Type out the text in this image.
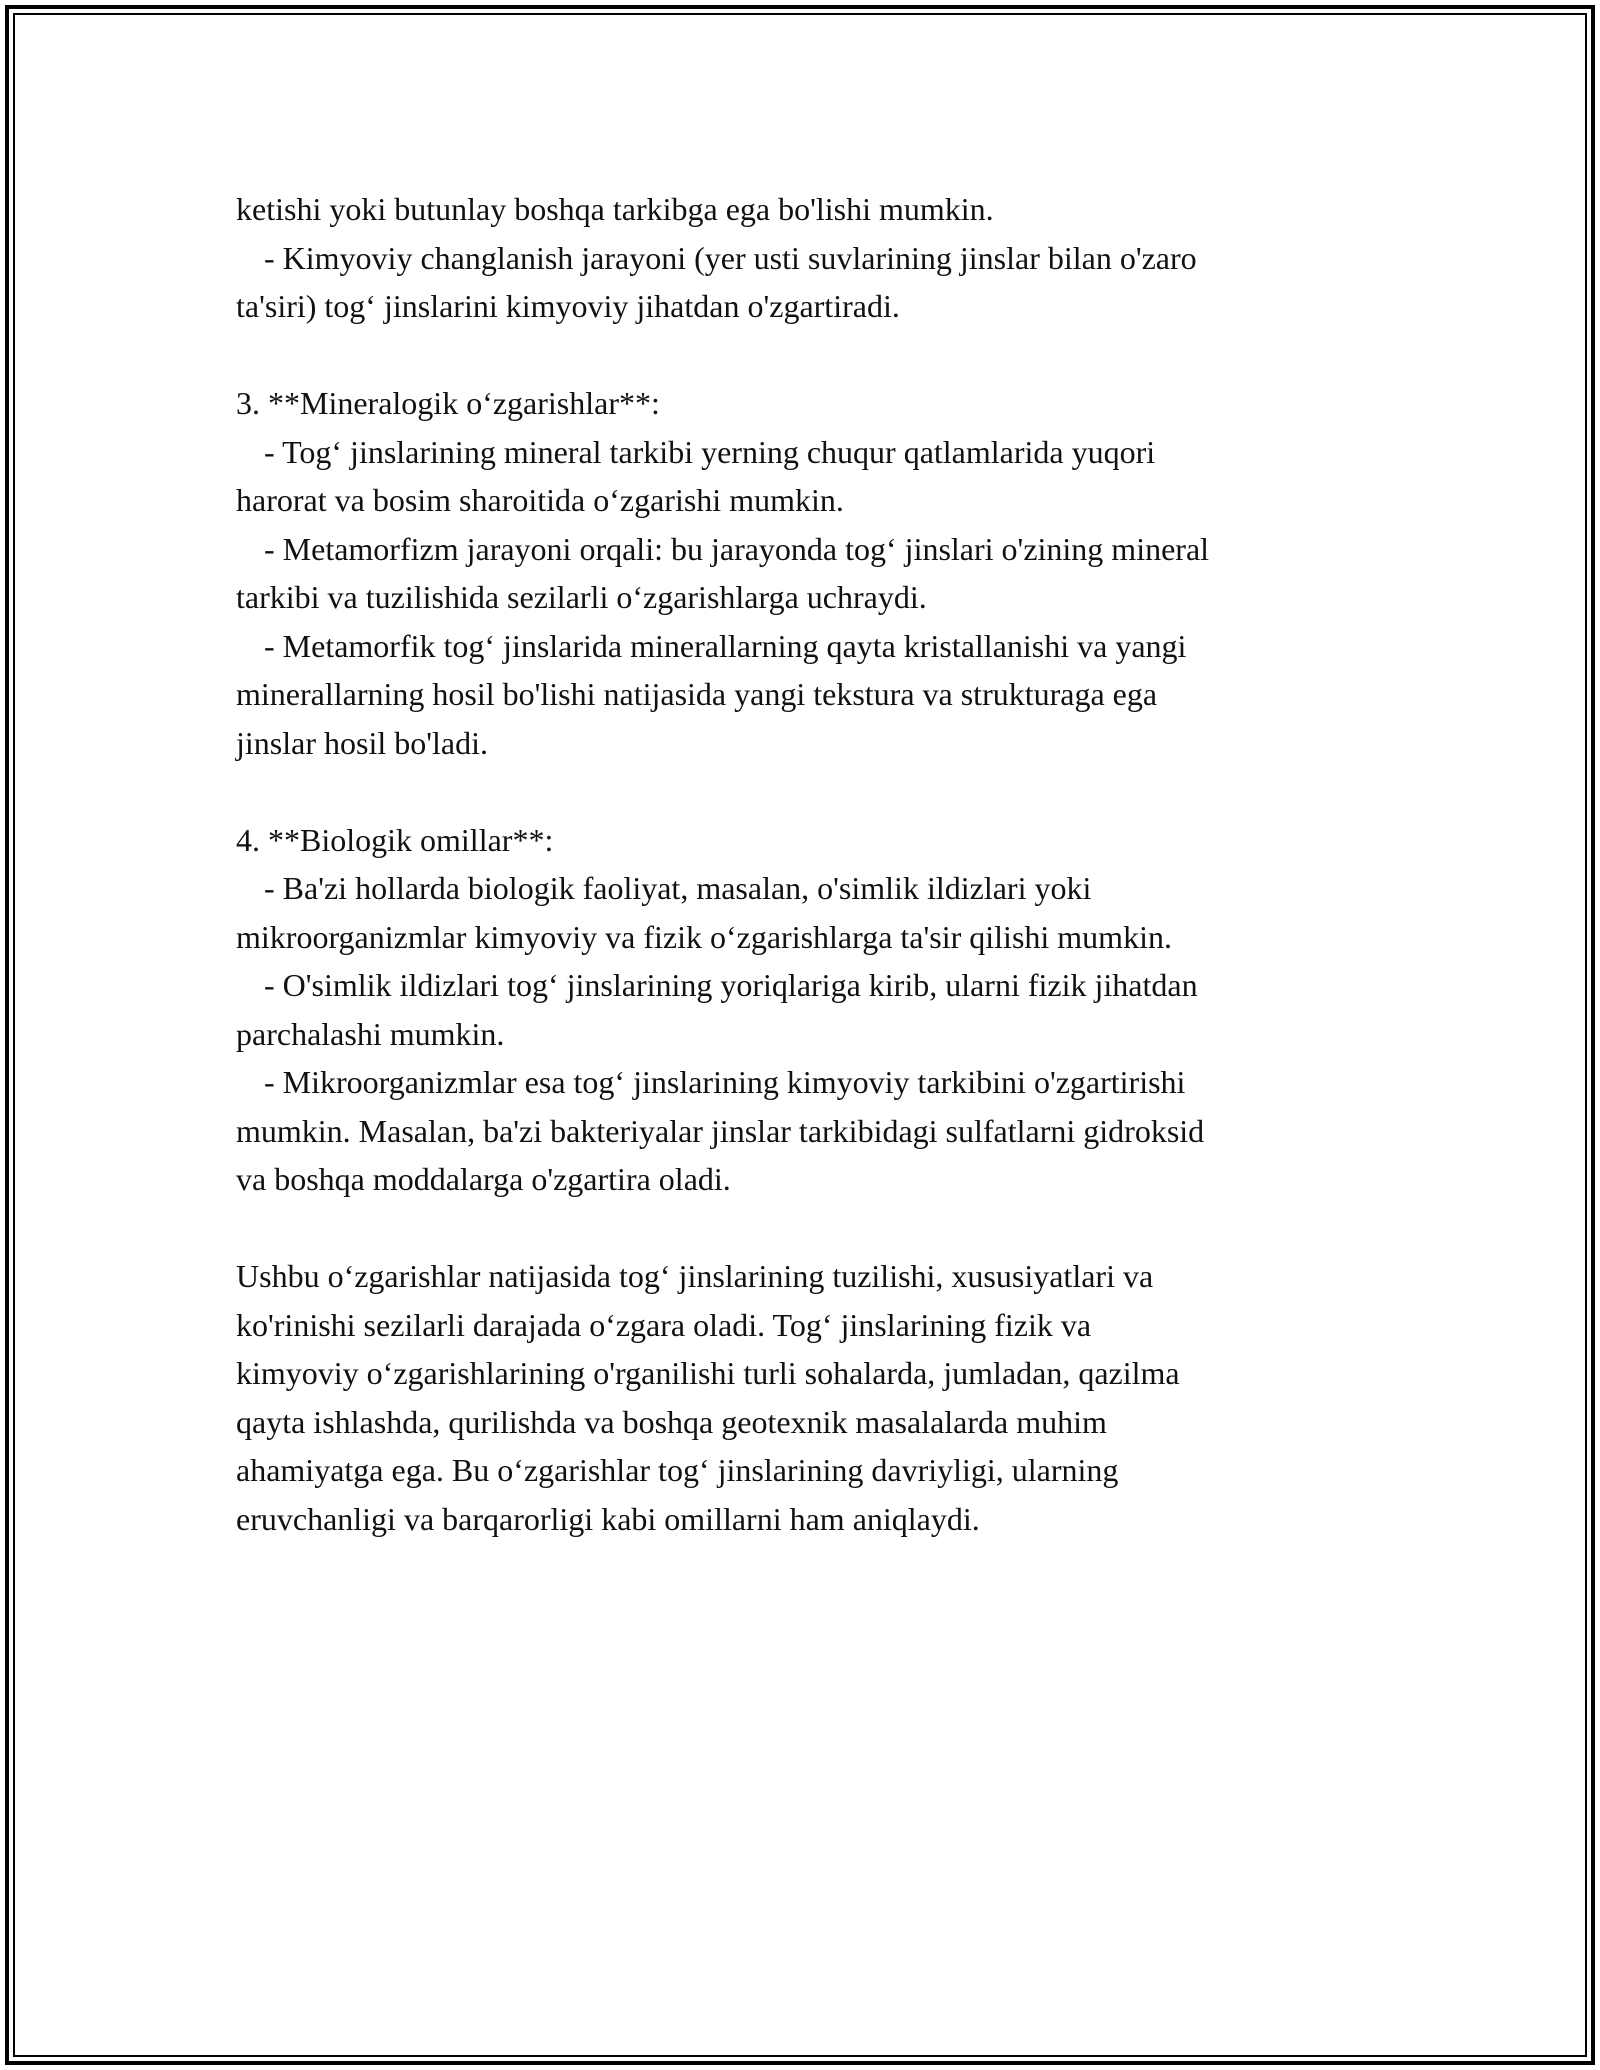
ketishi yoki butunlay boshqa tarkibga ega bo'lishi mumkin.
- Kimyoviy changlanish jarayoni (yer usti suvlarining jinslar bilan o'zaro
ta'siri) tog‘ jinslarini kimyoviy jihatdan o'zgartiradi.
3. **Mineralogik o‘zgarishlar**:
- Tog‘ jinslarining mineral tarkibi yerning chuqur qatlamlarida yuqori
harorat va bosim sharoitida o‘zgarishi mumkin.
- Metamorfizm jarayoni orqali: bu jarayonda tog‘ jinslari o'zining mineral
tarkibi va tuzilishida sezilarli o‘zgarishlarga uchraydi.
- Metamorfik tog‘ jinslarida minerallarning qayta kristallanishi va yangi
minerallarning hosil bo'lishi natijasida yangi tekstura va strukturaga ega
jinslar hosil bo'ladi.
4. **Biologik omillar**:
- Ba'zi hollarda biologik faoliyat, masalan, o'simlik ildizlari yoki
mikroorganizmlar kimyoviy va fizik o‘zgarishlarga ta'sir qilishi mumkin.
- O'simlik ildizlari tog‘ jinslarining yoriqlariga kirib, ularni fizik jihatdan
parchalashi mumkin.
- Mikroorganizmlar esa tog‘ jinslarining kimyoviy tarkibini o'zgartirishi
mumkin. Masalan, ba'zi bakteriyalar jinslar tarkibidagi sulfatlarni gidroksid
va boshqa moddalarga o'zgartira oladi.
Ushbu o‘zgarishlar natijasida tog‘ jinslarining tuzilishi, xususiyatlari va
ko'rinishi sezilarli darajada o‘zgara oladi. Tog‘ jinslarining fizik va
kimyoviy o‘zgarishlarining o'rganilishi turli sohalarda, jumladan, qazilma
qayta ishlashda, qurilishda va boshqa geotexnik masalalarda muhim
ahamiyatga ega. Bu o‘zgarishlar tog‘ jinslarining davriyligi, ularning
eruvchanligi va barqarorligi kabi omillarni ham aniqlaydi.
